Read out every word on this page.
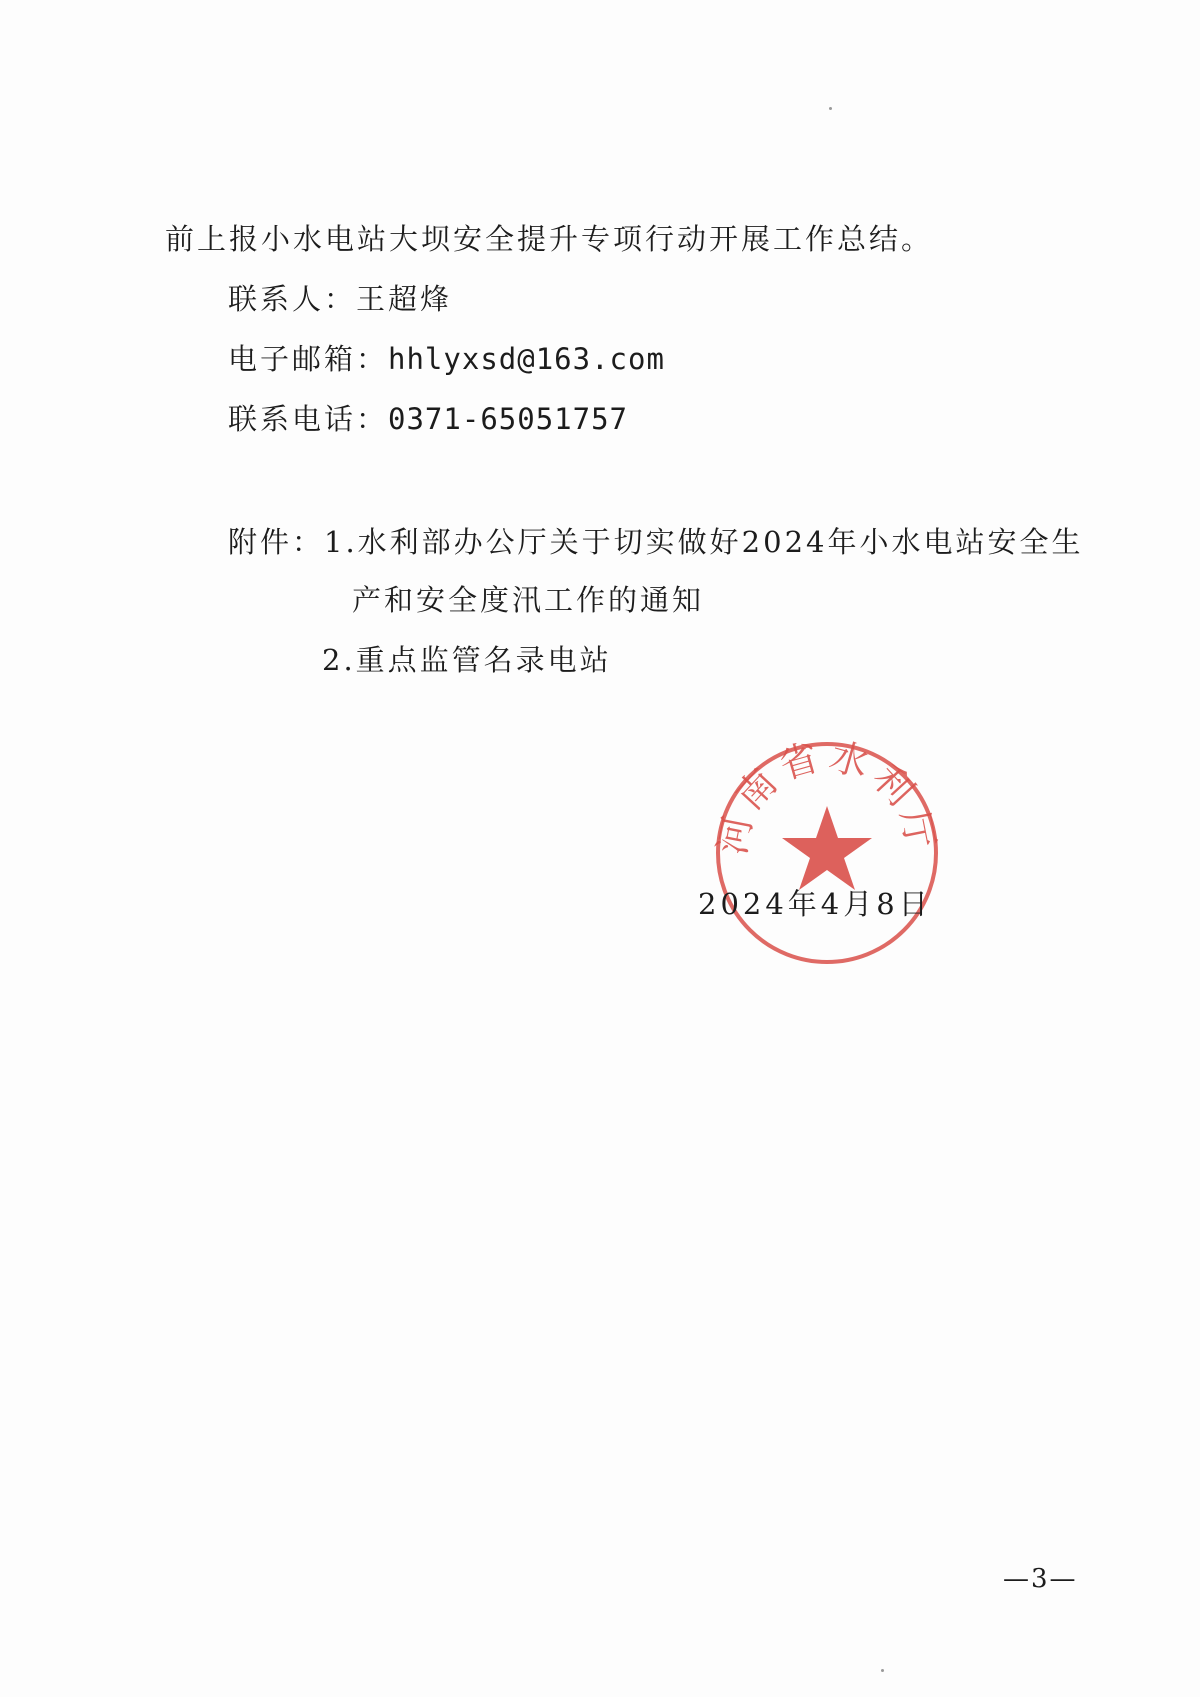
前上报小水电站大坝安全提升专项行动开展工作总结。
联系人：王超烽
电子邮箱：hhlyxsd@163.com
联系电话：0371-65051757
附件：1.水利部办公厅关于切实做好2024年小水电站安全生
产和安全度汛工作的通知
2.重点监管名录电站
河南省水利厅
2024年4月8日
—3—
